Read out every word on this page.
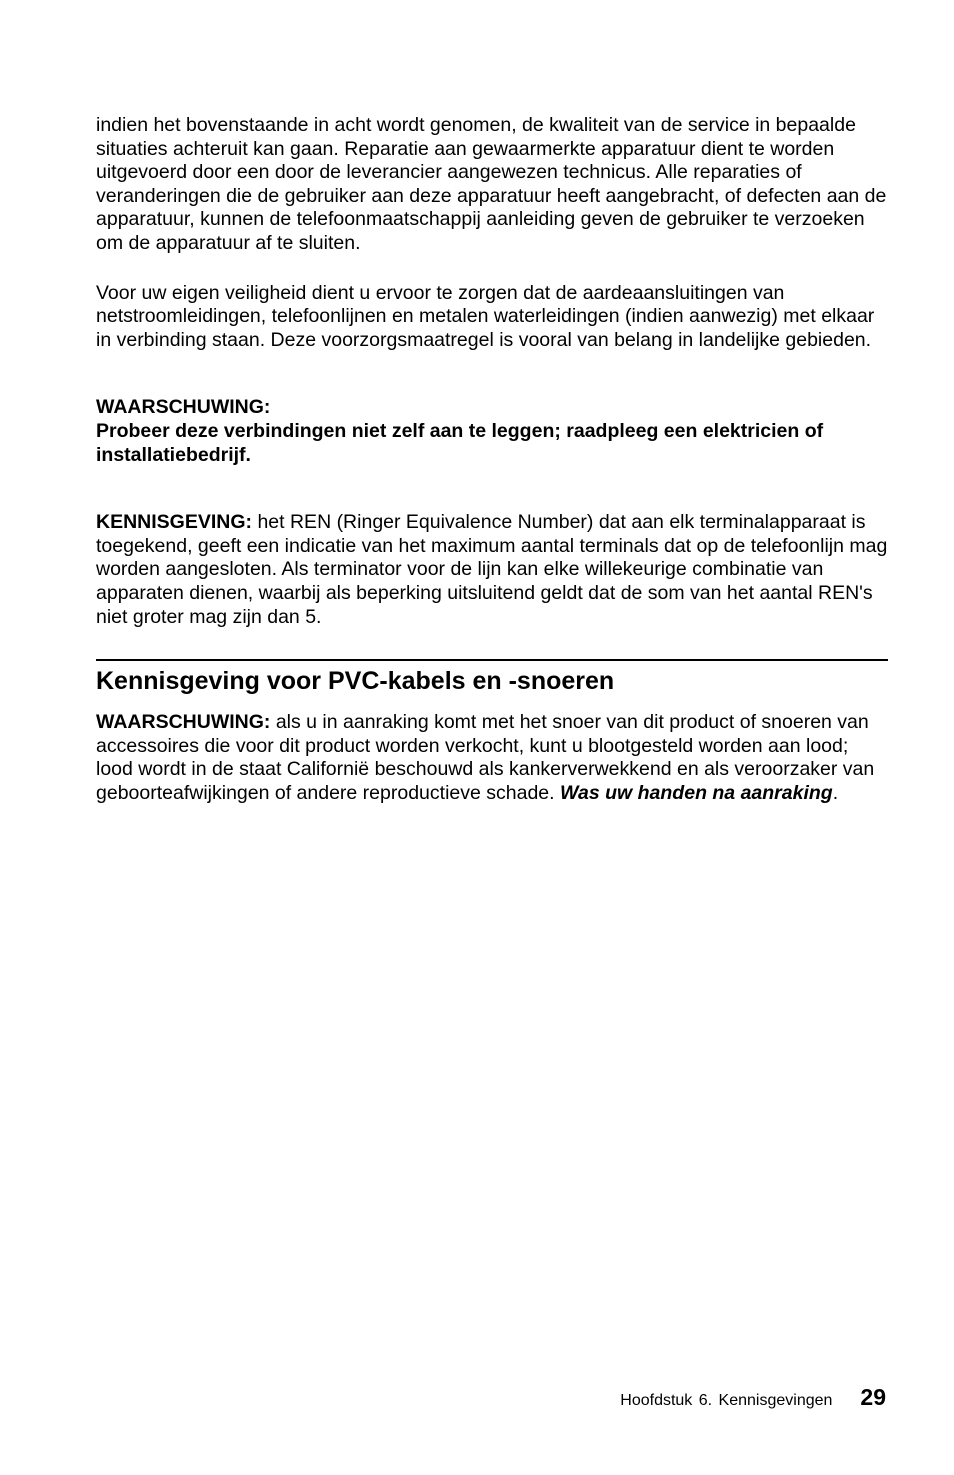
indien het bovenstaande in acht wordt genomen, de kwaliteit van de service in bepaalde situaties achteruit kan gaan. Reparatie aan gewaarmerkte apparatuur dient te worden uitgevoerd door een door de leverancier aangewezen technicus. Alle reparaties of veranderingen die de gebruiker aan deze apparatuur heeft aangebracht, of defecten aan de apparatuur, kunnen de telefoonmaatschappij aanleiding geven de gebruiker te verzoeken om de apparatuur af te sluiten.

Voor uw eigen veiligheid dient u ervoor te zorgen dat de aardeaansluitingen van netstroomleidingen, telefoonlijnen en metalen waterleidingen (indien aanwezig) met elkaar in verbinding staan. Deze voorzorgsmaatregel is vooral van belang in landelijke gebieden.

WAARSCHUWING:

Probeer deze verbindingen niet zelf aan te leggen; raadpleeg een elektricien of installatiebedrijf.

KENNISGEVING: het REN (Ringer Equivalence Number) dat aan elk terminalapparaat is toegekend, geeft een indicatie van het maximum aantal terminals dat op de telefoonlijn mag worden aangesloten. Als terminator voor de lijn kan elke willekeurige combinatie van apparaten dienen, waarbij als beperking uitsluitend geldt dat de som van het aantal REN's niet groter mag zijn dan 5.

Kennisgeving voor PVC-kabels en -snoeren

WAARSCHUWING: als u in aanraking komt met het snoer van dit product of snoeren van accessoires die voor dit product worden verkocht, kunt u blootgesteld worden aan lood; lood wordt in de staat Californië beschouwd als kankerverwekkend en als veroorzaker van geboorteafwijkingen of andere reproductieve schade. Was uw handen na aanraking.

Hoofdstuk 6. Kennisgevingen 29
